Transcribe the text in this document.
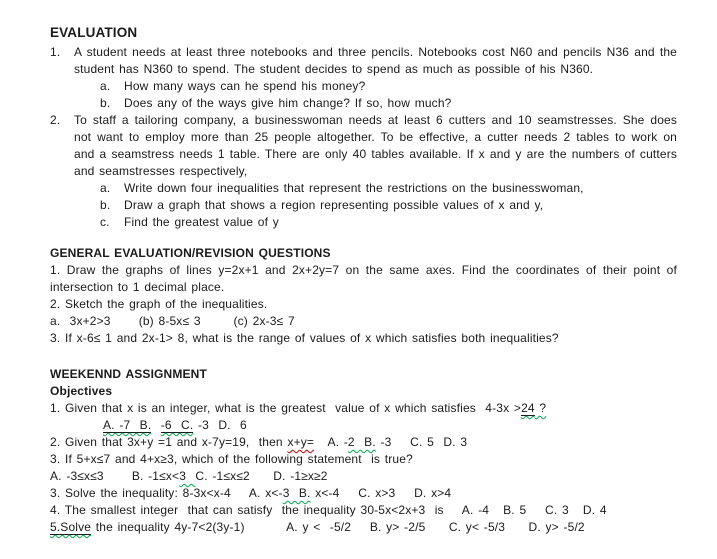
EVALUATION
1.	A student needs at least three notebooks and three pencils. Notebooks cost N60 and pencils N36 and the student has N360 to spend. The student decides to spend as much as possible of his N360.
a.	How many ways can he spend his money?
b.	Does any of the ways give him change? If so, how much?
2.	To staff a tailoring company, a businesswoman needs at least 6 cutters and 10 seamstresses. She does not want to employ more than 25 people altogether. To be effective, a cutter needs 2 tables to work on and a seamstress needs 1 table. There are only 40 tables available. If x and y are the numbers of cutters and seamstresses respectively,
a.	Write down four inequalities that represent the restrictions on the businesswoman,
b.	Draw a graph that shows a region representing possible values of x and y,
c.	Find the greatest value of y
GENERAL EVALUATION/REVISION QUESTIONS

1. Draw the graphs of lines y=2x+1 and 2x+2y=7 on the same axes. Find the coordinates of their point of intersection to 1 decimal place.

2. Sketch the graph of the inequalities.

a.  3x+2>3      (b) 8-5x≤ 3       (c) 2x-3≤ 7

3. If x-6≤ 1 and 2x-1> 8, what is the range of values of x which satisfies both inequalities?

WEEKENND ASSIGNMENT
Objectives

1. Given that x is an integer, what is the greatest  value of x which satisfies  4-3x >24 ?

A. -7  B. -6  C. -3  D.  6

2. Given that 3x+y =1 and x-7y=19,  then x+y=   A. -2  B. -3    C. 5  D. 3

3. If 5+x≤7 and 4+x≥3, which of the following statement  is true?

A. -3≤x≤3      B. -1≤x<3  C. -1≤x≤2     D. -1≥x≥2

3. Solve the inequality: 8-3x<x-4    A. x<-3  B. x<-4    C. x>3    D. x>4

4. The smallest integer  that can satisfy  the inequality 30-5x<2x+3  is    A. -4   B. 5    C. 3   D. 4

5.Solve the inequality 4y-7<2(3y-1)         A. y <  -5/2    B. y> -2/5     C. y< -5/3     D. y> -5/2
